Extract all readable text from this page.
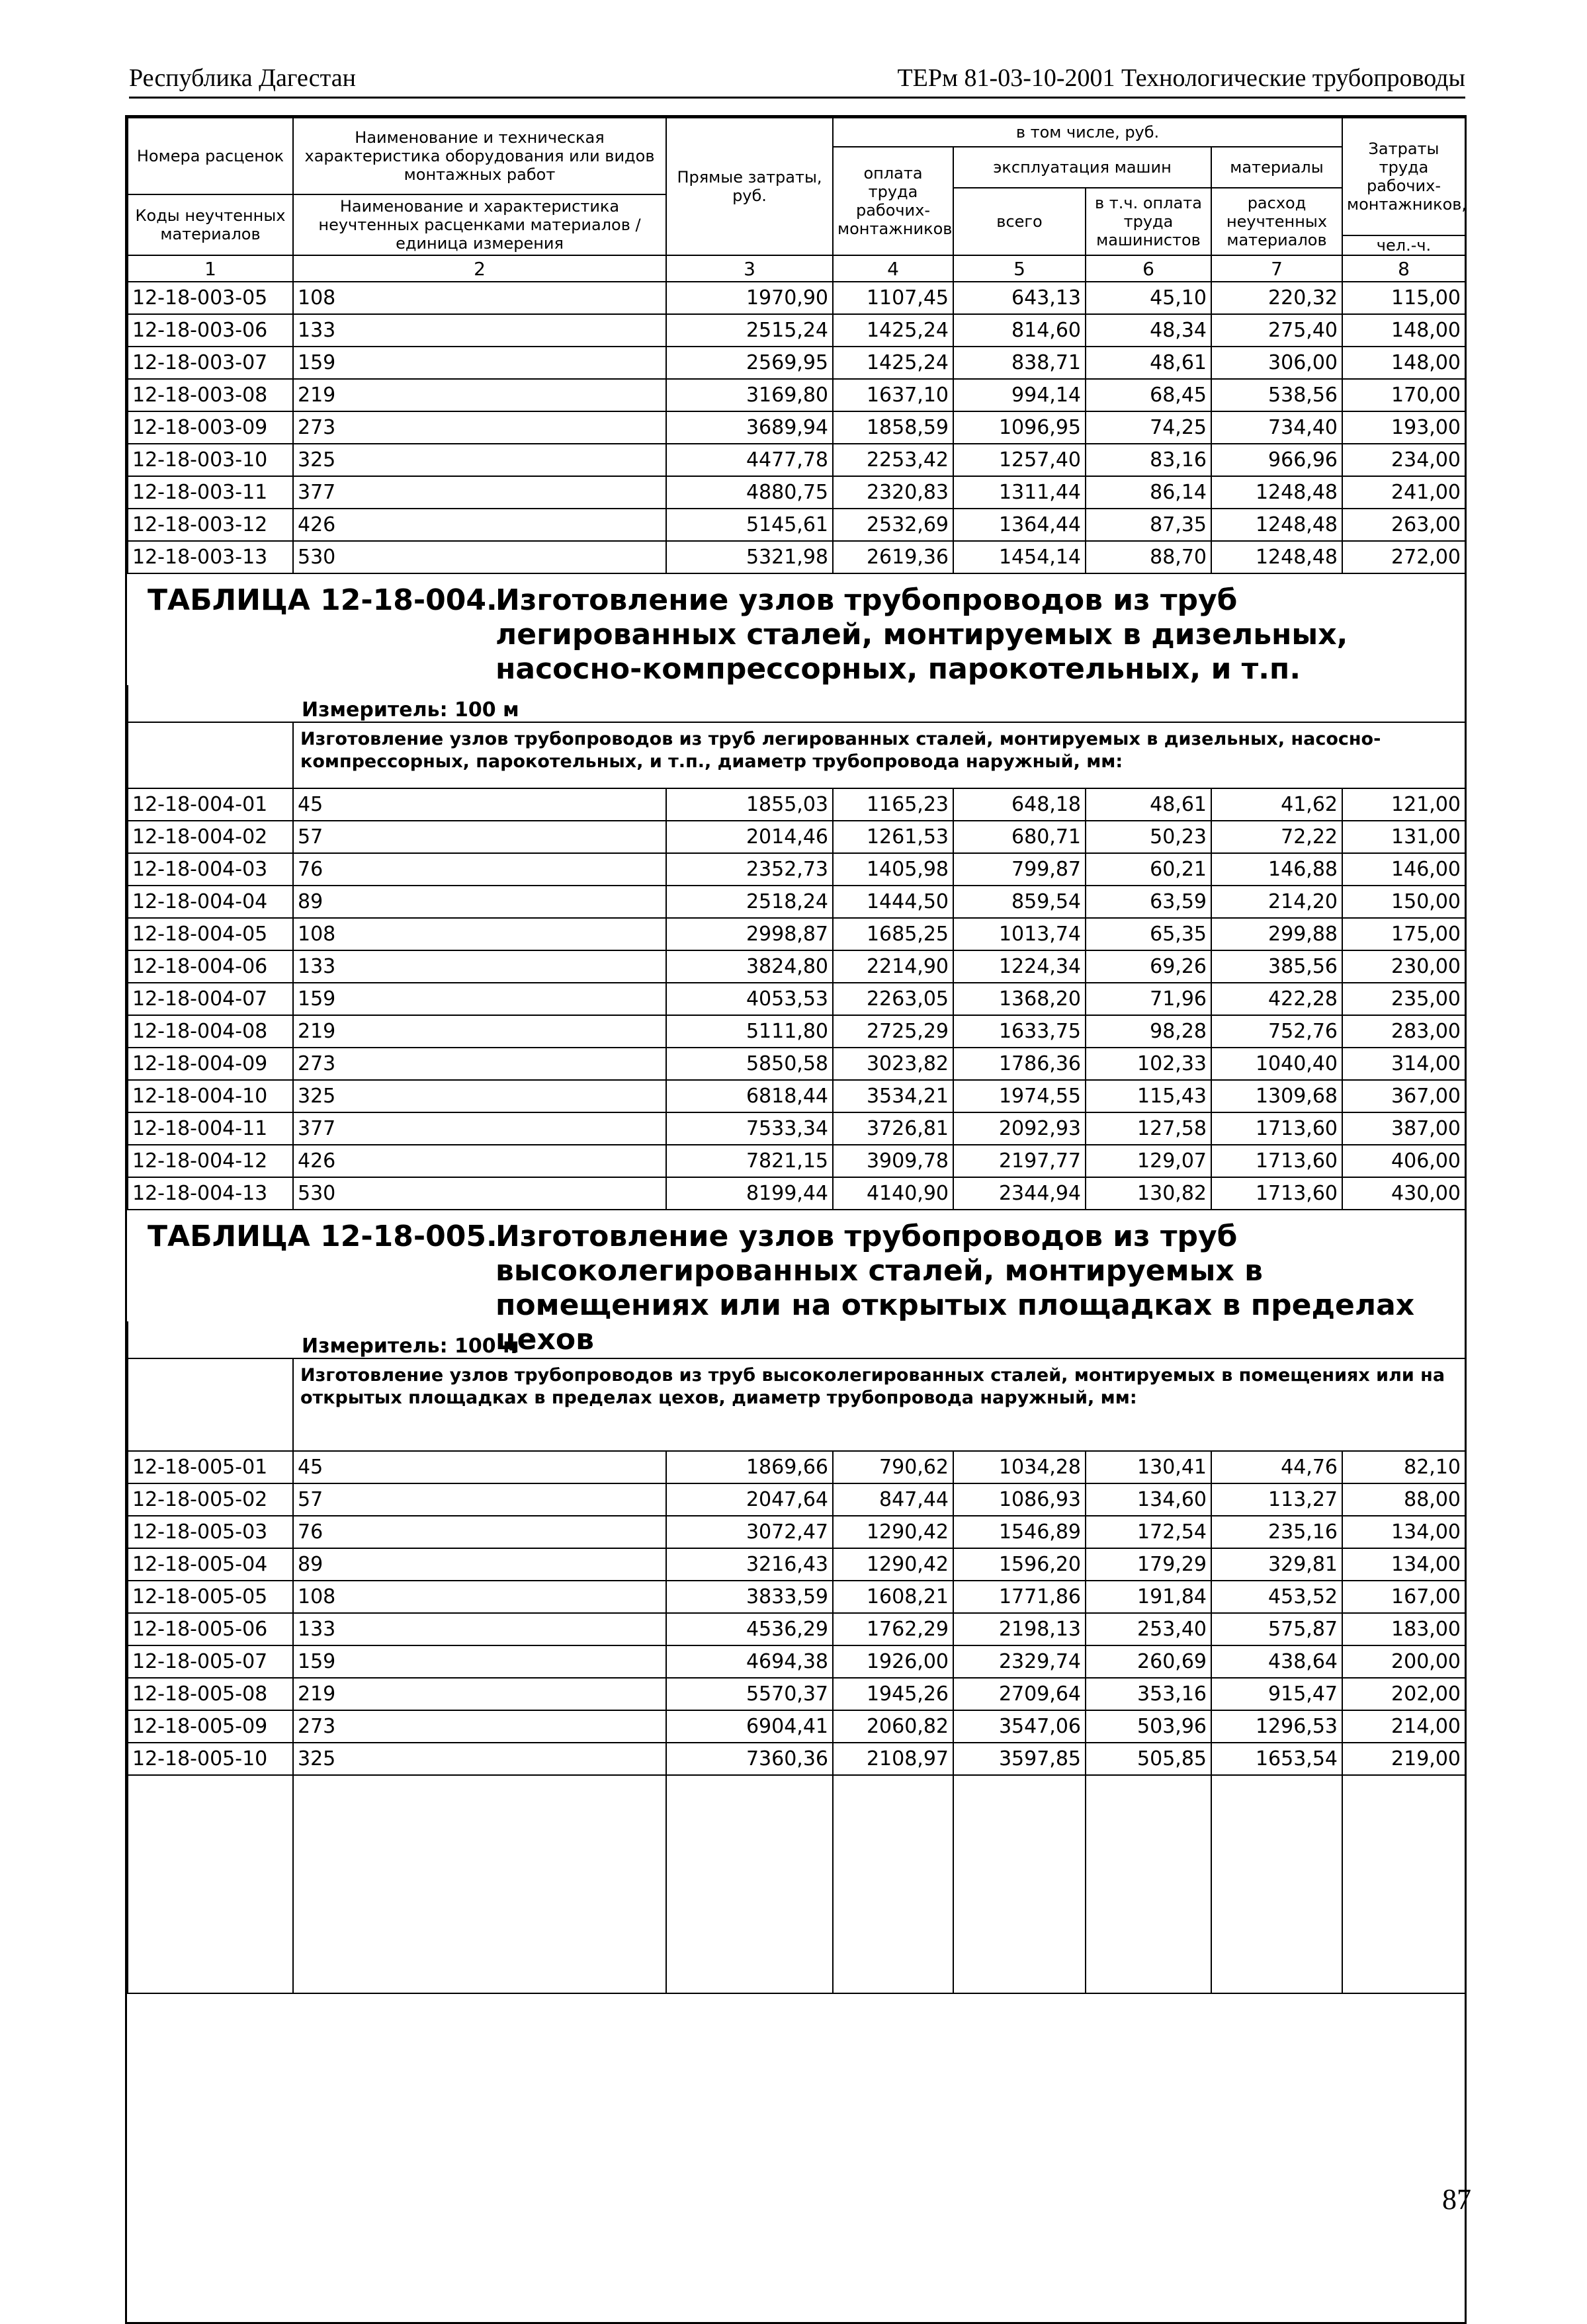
Республика Дагестан	ТЕРм 81-03-10-2001 Технологические трубопроводы
Номера расценок	Наименование и техническая характеристика оборудования или видов монтажных работ	Прямые затраты, руб.	в том числе, руб.				Затраты труда рабочих-монтажников,
			оплата труда рабочих-монтажников	эксплуатация машин		материалы	
				всего	в т.ч. оплата труда машинистов	расход неучтенных материалов	
Коды неучтенных материалов	Наименование и характеристика неучтенных расценками материалов / единица измерения						
							чел.-ч.
1	2	3	4	5	6	7	8
12-18-003-05	108	1970,90	1107,45	643,13	45,10	220,32	115,00
12-18-003-06	133	2515,24	1425,24	814,60	48,34	275,40	148,00
12-18-003-07	159	2569,95	1425,24	838,71	48,61	306,00	148,00
12-18-003-08	219	3169,80	1637,10	994,14	68,45	538,56	170,00
12-18-003-09	273	3689,94	1858,59	1096,95	74,25	734,40	193,00
12-18-003-10	325	4477,78	2253,42	1257,40	83,16	966,96	234,00
12-18-003-11	377	4880,75	2320,83	1311,44	86,14	1248,48	241,00
12-18-003-12	426	5145,61	2532,69	1364,44	87,35	1248,48	263,00
12-18-003-13	530	5321,98	2619,36	1454,14	88,70	1248,48	272,00

ТАБЛИЦА 12-18-004.
Изготовление узлов трубопроводов из труб легированных сталей, монтируемых в дизельных, насосно-компрессорных, парокотельных, и т.п.							

Измеритель: 100 м							
	Изготовление узлов трубопроводов из труб легированных сталей, монтируемых в дизельных, насосно-компрессорных, парокотельных, и т.п., диаметр трубопровода наружный, мм:						
12-18-004-01	45	1855,03	1165,23	648,18	48,61	41,62	121,00
12-18-004-02	57	2014,46	1261,53	680,71	50,23	72,22	131,00
12-18-004-03	76	2352,73	1405,98	799,87	60,21	146,88	146,00
12-18-004-04	89	2518,24	1444,50	859,54	63,59	214,20	150,00
12-18-004-05	108	2998,87	1685,25	1013,74	65,35	299,88	175,00
12-18-004-06	133	3824,80	2214,90	1224,34	69,26	385,56	230,00
12-18-004-07	159	4053,53	2263,05	1368,20	71,96	422,28	235,00
12-18-004-08	219	5111,80	2725,29	1633,75	98,28	752,76	283,00
12-18-004-09	273	5850,58	3023,82	1786,36	102,33	1040,40	314,00
12-18-004-10	325	6818,44	3534,21	1974,55	115,43	1309,68	367,00
12-18-004-11	377	7533,34	3726,81	2092,93	127,58	1713,60	387,00
12-18-004-12	426	7821,15	3909,78	2197,77	129,07	1713,60	406,00
12-18-004-13	530	8199,44	4140,90	2344,94	130,82	1713,60	430,00

ТАБЛИЦА 12-18-005.
Изготовление узлов трубопроводов из труб высоколегированных сталей, монтируемых в помещениях или на открытых площадках в пределах цехов							

Измеритель: 100 м							
	Изготовление узлов трубопроводов из труб высоколегированных сталей, монтируемых в помещениях или на открытых площадках в пределах цехов, диаметр трубопровода наружный, мм:						
12-18-005-01	45	1869,66	790,62	1034,28	130,41	44,76	82,10
12-18-005-02	57	2047,64	847,44	1086,93	134,60	113,27	88,00
12-18-005-03	76	3072,47	1290,42	1546,89	172,54	235,16	134,00
12-18-005-04	89	3216,43	1290,42	1596,20	179,29	329,81	134,00
12-18-005-05	108	3833,59	1608,21	1771,86	191,84	453,52	167,00
12-18-005-06	133	4536,29	1762,29	2198,13	253,40	575,87	183,00
12-18-005-07	159	4694,38	1926,00	2329,74	260,69	438,64	200,00
12-18-005-08	219	5570,37	1945,26	2709,64	353,16	915,47	202,00
12-18-005-09	273	6904,41	2060,82	3547,06	503,96	1296,53	214,00
12-18-005-10	325	7360,36	2108,97	3597,85	505,85	1653,54	219,00

87
